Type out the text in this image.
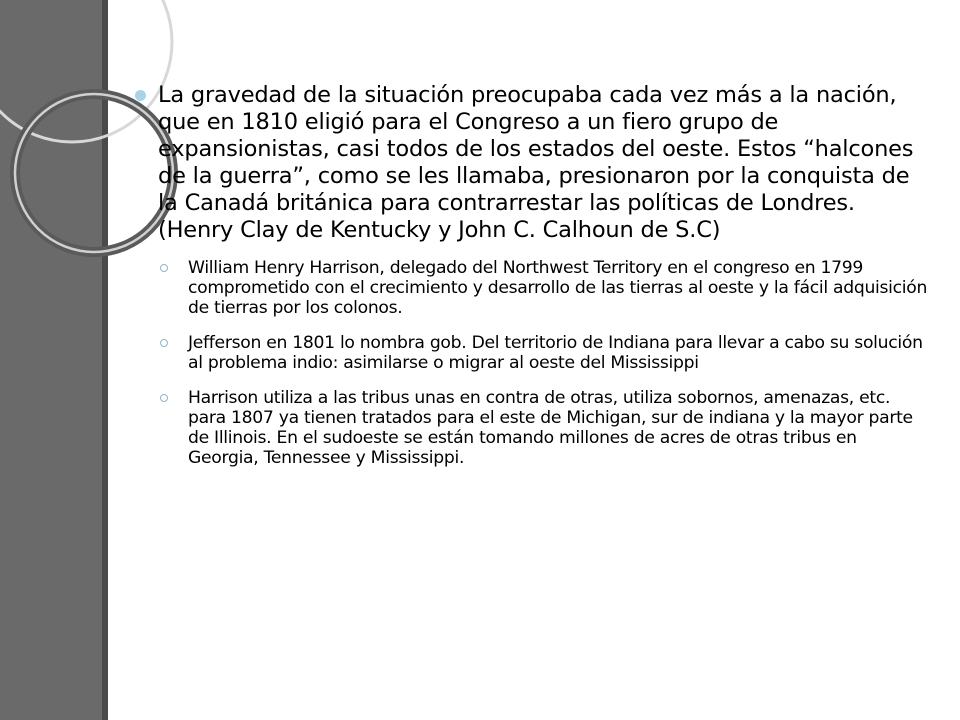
La gravedad de la situación preocupaba cada vez más a la nación, que en 1810 eligió para el Congreso a un fiero grupo de expansionistas, casi todos de los estados del oeste. Estos “halcones de la guerra”, como se les llamaba, presionaron por la conquista de la Canadá británica para contrarrestar las políticas de Londres. (Henry Clay de Kentucky y John C. Calhoun de S.C)
William Henry Harrison, delegado del Northwest Territory en el congreso en 1799 comprometido con el crecimiento y desarrollo de las tierras al oeste y la fácil adquisición de tierras por los colonos.
Jefferson en 1801 lo nombra gob. Del territorio de Indiana para llevar a cabo su solución al problema indio: asimilarse o migrar al oeste del Mississippi
Harrison utiliza a las tribus unas en contra de otras, utiliza sobornos, amenazas, etc. para 1807 ya tienen tratados para el este de Michigan, sur de indiana y la mayor parte de Illinois. En el sudoeste se están tomando millones de acres de otras tribus en Georgia, Tennessee y Mississippi.
